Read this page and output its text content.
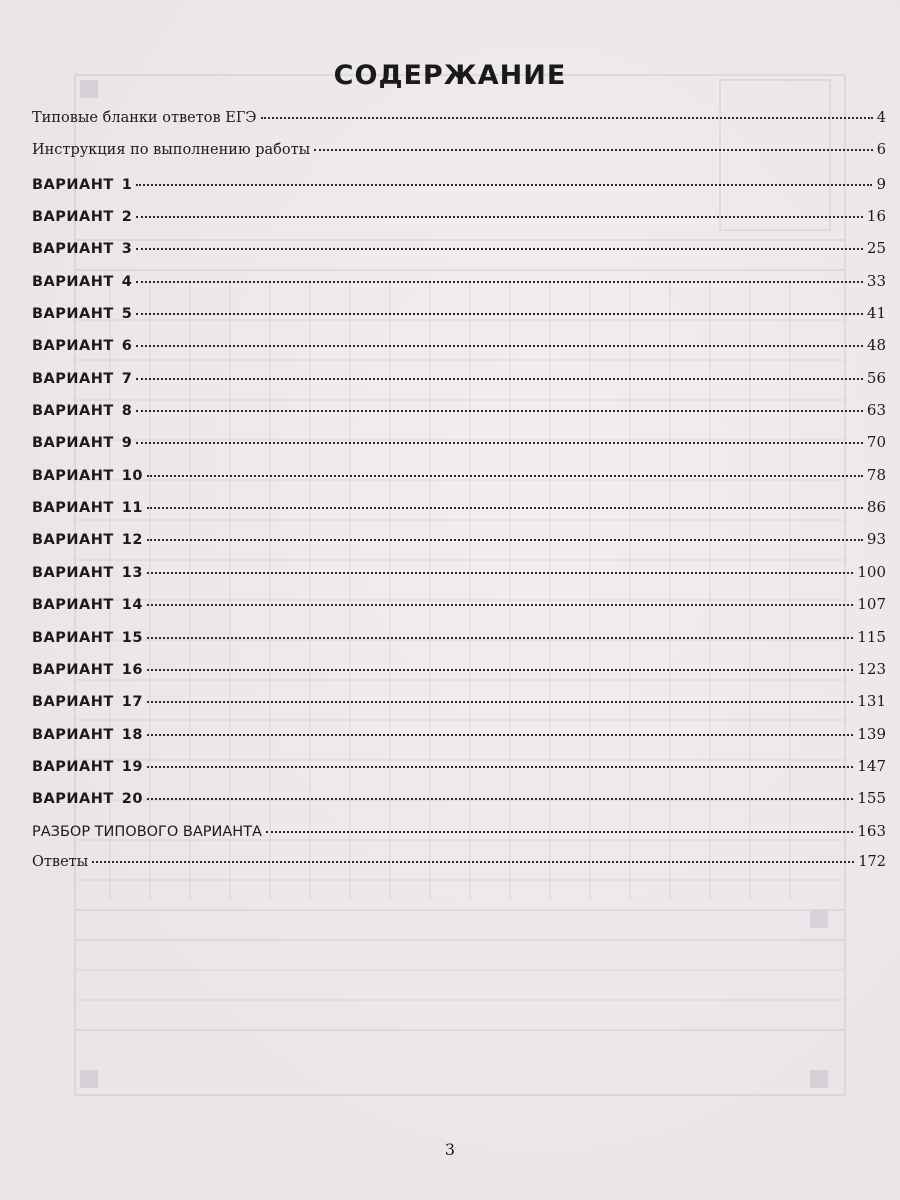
СОДЕРЖАНИЕ
Типовые бланки ответов ЕГЭ	4
Инструкция по выполнению работы	6
ВАРИАНТ 1	9
ВАРИАНТ 2	16
ВАРИАНТ 3	25
ВАРИАНТ 4	33
ВАРИАНТ 5	41
ВАРИАНТ 6	48
ВАРИАНТ 7	56
ВАРИАНТ 8	63
ВАРИАНТ 9	70
ВАРИАНТ 10	78
ВАРИАНТ 11	86
ВАРИАНТ 12	93
ВАРИАНТ 13	100
ВАРИАНТ 14	107
ВАРИАНТ 15	115
ВАРИАНТ 16	123
ВАРИАНТ 17	131
ВАРИАНТ 18	139
ВАРИАНТ 19	147
ВАРИАНТ 20	155
РАЗБОР ТИПОВОГО ВАРИАНТА	163
Ответы	172
3
